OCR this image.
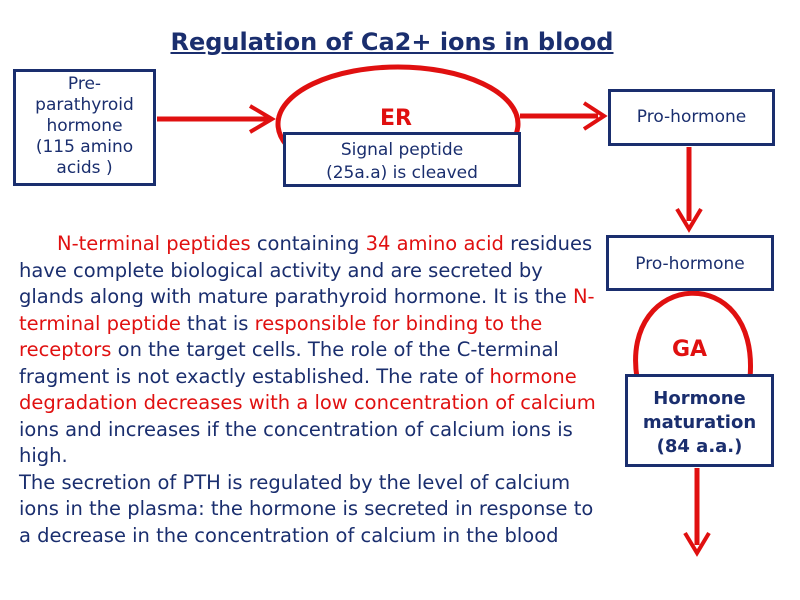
Regulation of Ca2+ ions in blood
Pre-
parathyroid
hormone
(115 amino
acids )
Signal peptide
(25a.a) is cleaved
ER	Pro-hormone
Pro-hormone
GA
Hormone
maturation
(84 a.a.)
N-terminal peptides containing 34 amino acid residues have complete biological activity and are secreted by glands along with mature parathyroid hormone. It is the N-terminal peptide that is responsible for binding to the receptors on the target cells. The role of the C-terminal fragment is not exactly established. The rate of hormone degradation decreases with a low concentration of calcium ions and increases if the concentration of calcium ions is high.
The secretion of PTH is regulated by the level of calcium ions in the plasma: the hormone is secreted in response to a decrease in the concentration of calcium in the blood
